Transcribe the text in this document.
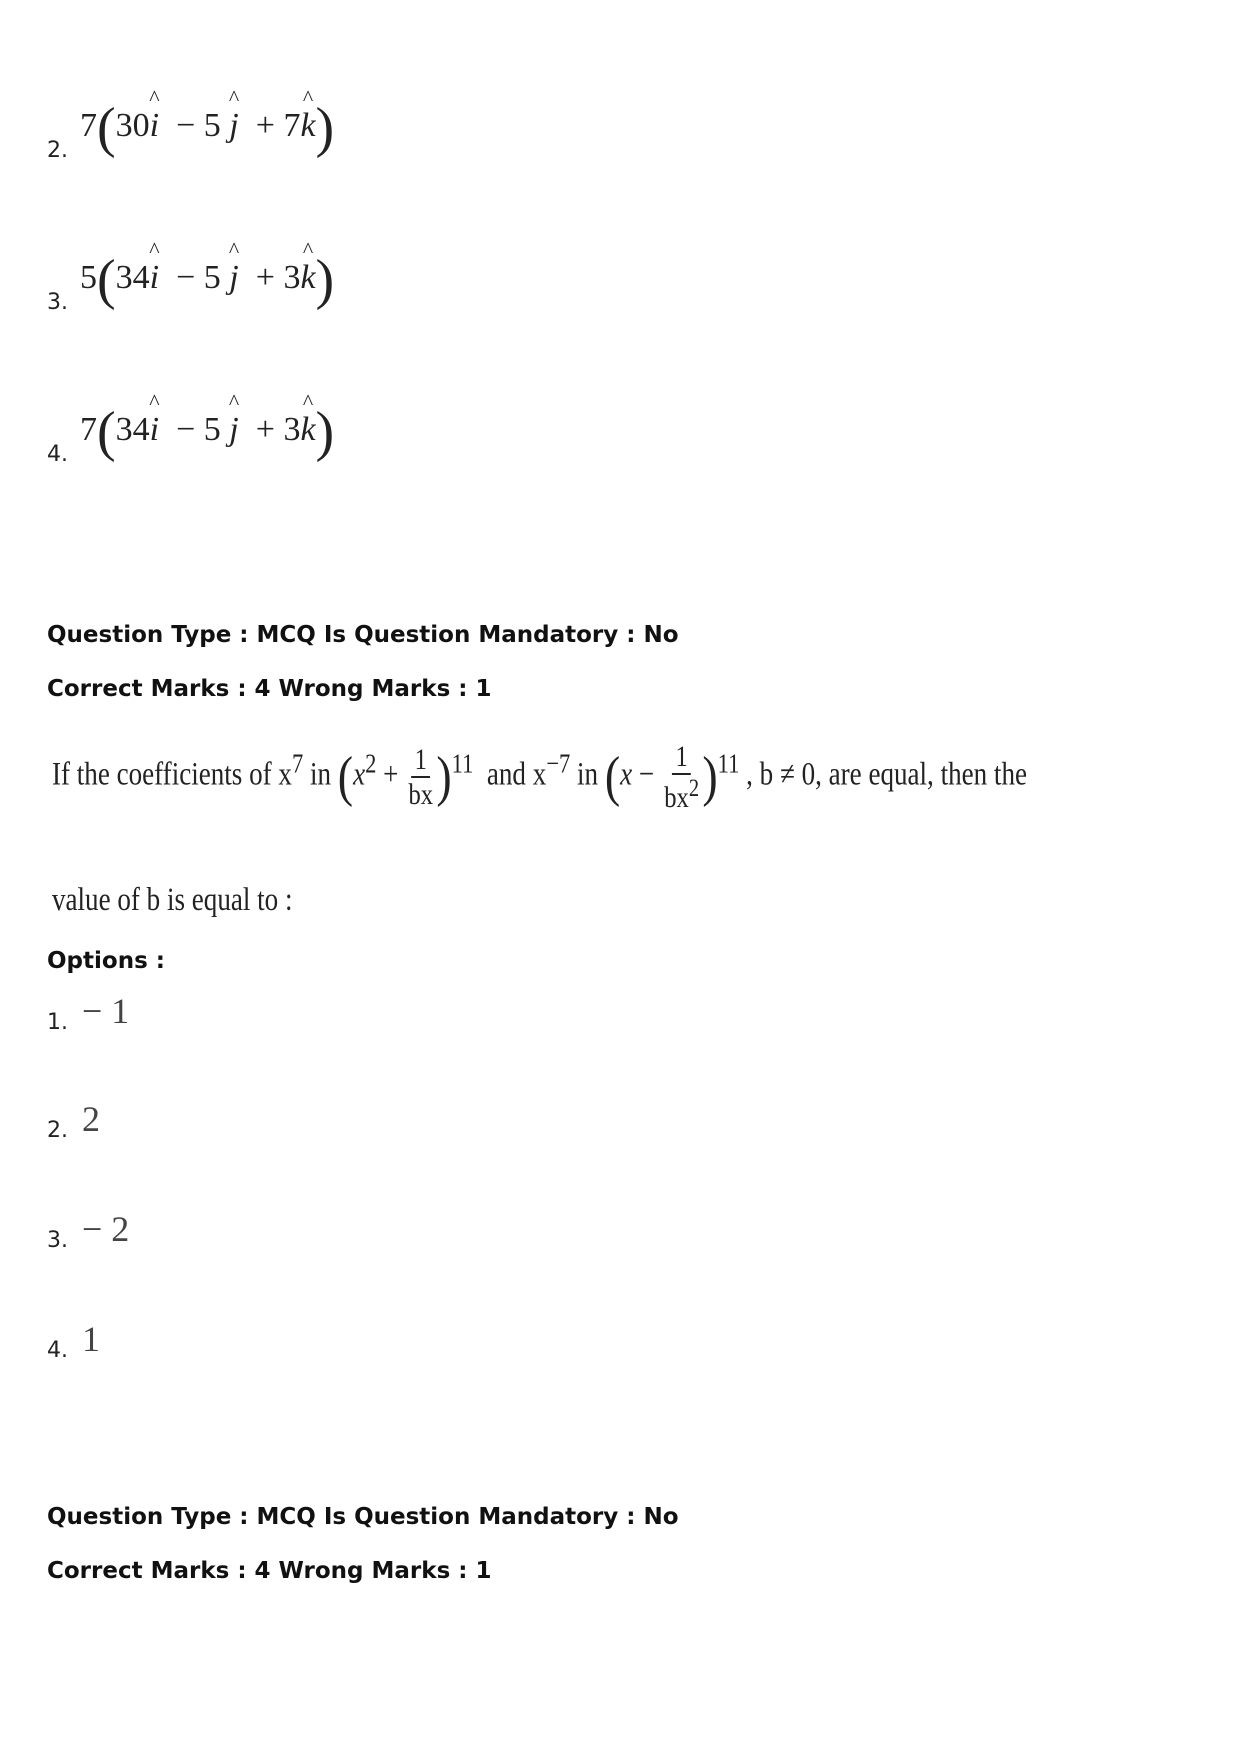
2.
7(30^ i  − 5 ^ j  + 7^ k)
3.
5(34^ i  − 5 ^ j  + 3^ k)
4.
7(34^ i  − 5 ^ j  + 3^ k)
Question Type : MCQ Is Question Mandatory : No
Correct Marks : 4 Wrong Marks : 1
If the coefficients of $x^7$ in $(x^2 + \frac{1}{bx} )^{11}$ and $x^{-7}$ in $(x - \frac{1}{bx^2} )^{11}$ , b ≠ 0, are equal, then the
value of b is equal to :
Options :
1. − 1
2. 2
3. − 2
4. 1
Question Type : MCQ Is Question Mandatory : No
Correct Marks : 4 Wrong Marks : 1
